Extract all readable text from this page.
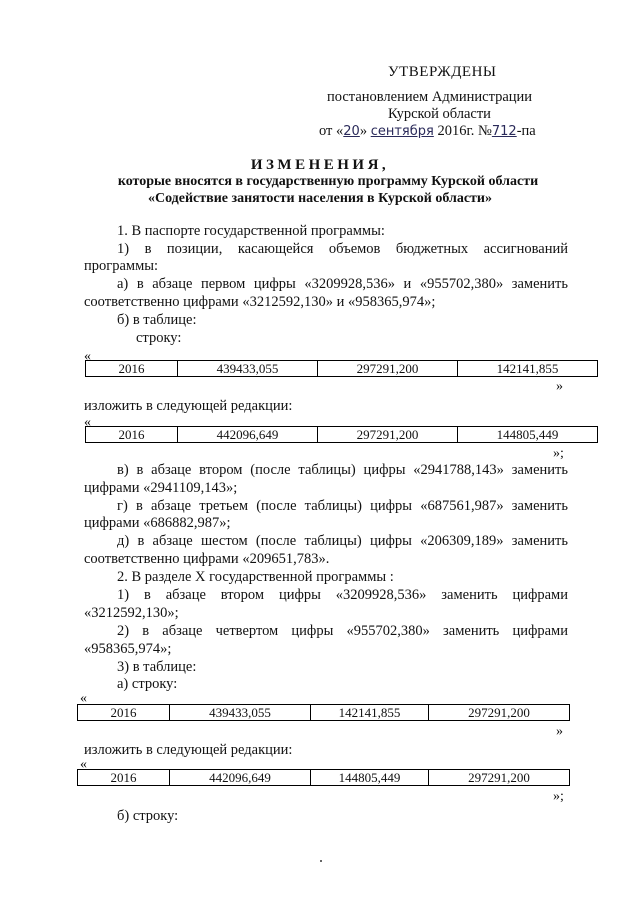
УТВЕРЖДЕНЫ
постановлением Администрации
Курской области
от «20» сентября 2016г. №712-па
ИЗМЕНЕНИЯ,
которые вносятся в государственную программу Курской области
«Содействие занятости населения в Курской области»
1. В паспорте государственной программы:
1) в позиции, касающейся объемов бюджетных ассигнований
программы:
а) в абзаце первом цифры «3209928,536» и «955702,380» заменить
соответственно цифрами «3212592,130» и «958365,974»;
б) в таблице:
строку:
«
2016	439433,055	297291,200	142141,855
»
изложить в следующей редакции:
«
2016	442096,649	297291,200	144805,449
»;
в) в абзаце втором (после таблицы) цифры «2941788,143» заменить
цифрами «2941109,143»;
г) в абзаце третьем (после таблицы) цифры «687561,987» заменить
цифрами «686882,987»;
д) в абзаце шестом (после таблицы) цифры «206309,189» заменить
соответственно цифрами «209651,783».
2. В разделе X государственной программы :
1) в абзаце втором цифры «3209928,536» заменить цифрами
«3212592,130»;
2) в абзаце четвертом цифры «955702,380» заменить цифрами
«958365,974»;
3) в таблице:
а) строку:
«
2016	439433,055	142141,855	297291,200
»
изложить в следующей редакции:
«
2016	442096,649	144805,449	297291,200
»;
б) строку:
